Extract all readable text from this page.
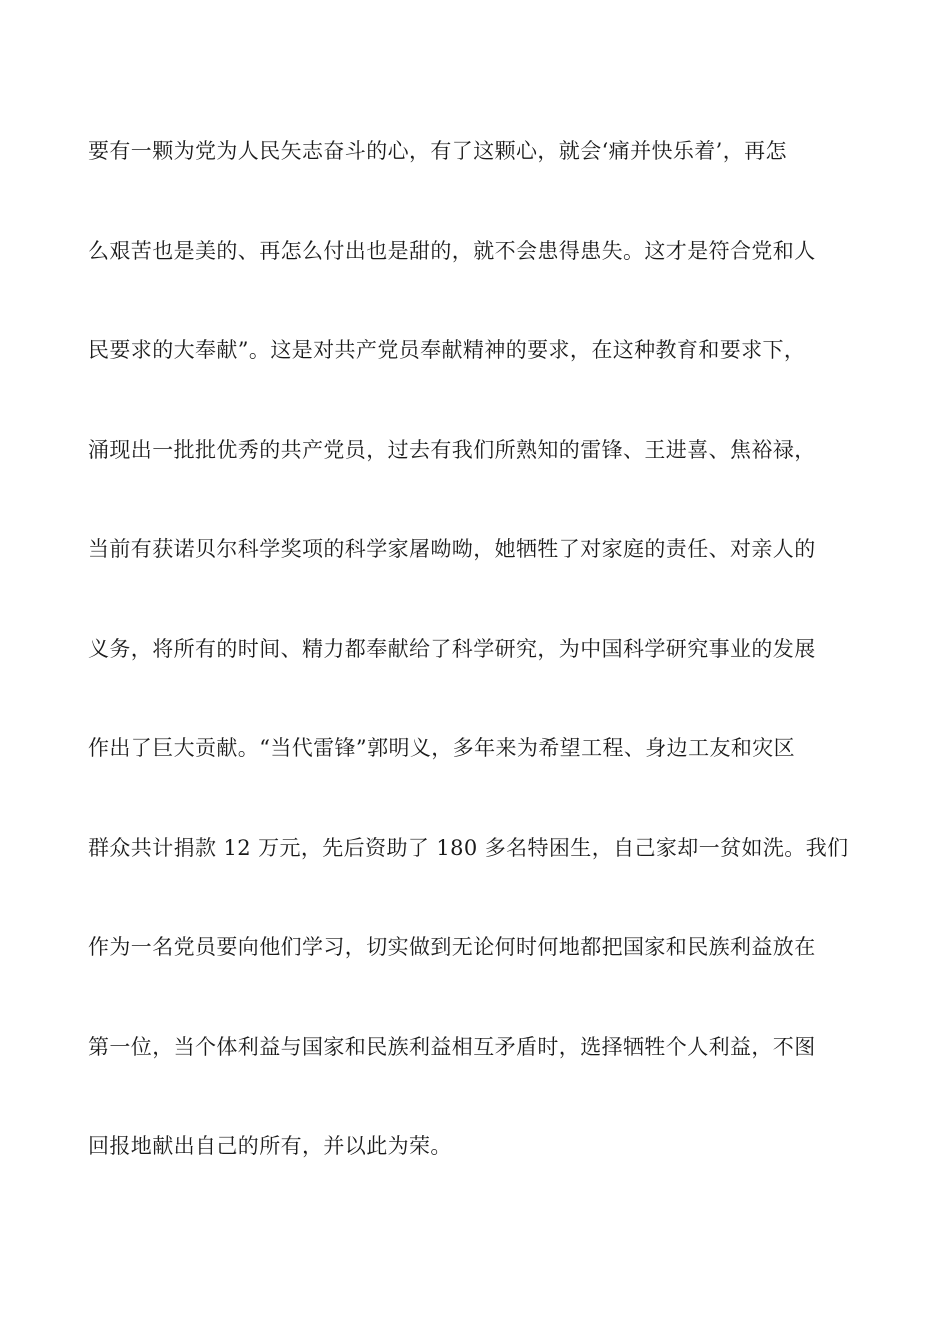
要有一颗为党为人民矢志奋斗的心，有了这颗心，就会‘痛并快乐着’，再怎
么艰苦也是美的、再怎么付出也是甜的，就不会患得患失。这才是符合党和人
民要求的大奉献”。这是对共产党员奉献精神的要求，在这种教育和要求下，
涌现出一批批优秀的共产党员，过去有我们所熟知的雷锋、王进喜、焦裕禄，
当前有获诺贝尔科学奖项的科学家屠呦呦，她牺牲了对家庭的责任、对亲人的
义务，将所有的时间、精力都奉献给了科学研究，为中国科学研究事业的发展
作出了巨大贡献。“当代雷锋”郭明义，多年来为希望工程、身边工友和灾区
群众共计捐款 12 万元，先后资助了 180 多名特困生，自己家却一贫如洗。我们
作为一名党员要向他们学习，切实做到无论何时何地都把国家和民族利益放在
第一位，当个体利益与国家和民族利益相互矛盾时，选择牺牲个人利益，不图
回报地献出自己的所有，并以此为荣。
